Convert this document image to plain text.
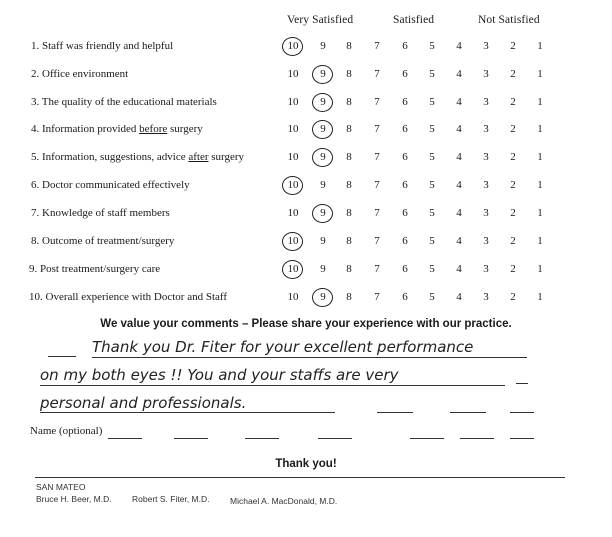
Very Satisfied	Satisfied	Not Satisfied
1. Staff was friendly and helpful	10	9	8	7	6	5	4	3	2	1
2. Office environment	10	9	8	7	6	5	4	3	2	1
3. The quality of the educational materials	10	9	8	7	6	5	4	3	2	1
4. Information provided before surgery	10	9	8	7	6	5	4	3	2	1
5. Information, suggestions, advice after surgery	10	9	8	7	6	5	4	3	2	1
6. Doctor communicated effectively	10	9	8	7	6	5	4	3	2	1
7. Knowledge of staff members	10	9	8	7	6	5	4	3	2	1
8. Outcome of treatment/surgery	10	9	8	7	6	5	4	3	2	1
9. Post treatment/surgery care	10	9	8	7	6	5	4	3	2	1
10. Overall experience with Doctor and Staff	10	9	8	7	6	5	4	3	2	1
We value your comments – Please share your experience with our practice.
Thank you Dr. Fiter for your excellent performance
on my both eyes !! You and your staffs are very
personal and professionals.
Name (optional)
Thank you!
SAN MATEO
Bruce H. Beer, M.D. Robert S. Fiter, M.D. Michael A. MacDonald, M.D.
